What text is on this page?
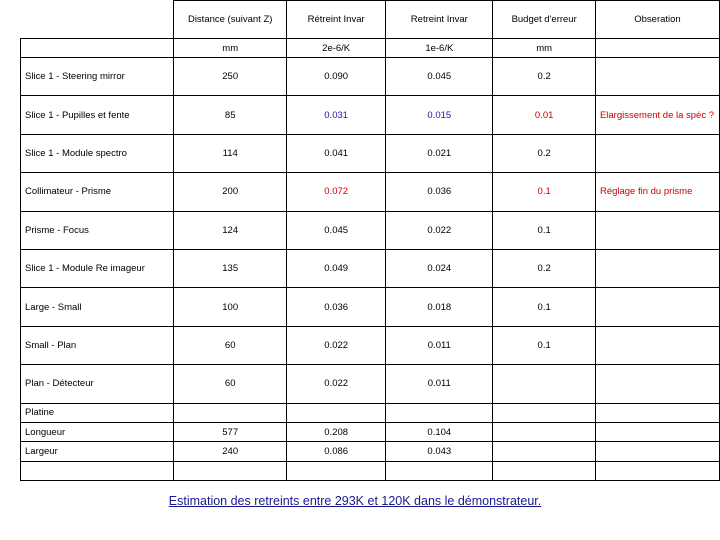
	Distance (suivant Z)	Rétreint Invar	Retreint Invar	Budget d'erreur	Obseration
	mm	2e-6/K	1e-6/K	mm	
Slice 1 - Steering mirror	250	0.090	0.045	0.2	
Slice 1 - Pupilles et fente	85	0.031	0.015	0.01	Elargissement de la spéc ?
Slice 1 - Module spectro	114	0.041	0.021	0.2	
Collimateur - Prisme	200	0.072	0.036	0.1	Réglage fin du prisme
Prisme - Focus	124	0.045	0.022	0.1	
Slice 1 - Module Re imageur	135	0.049	0.024	0.2	
Large - Small	100	0.036	0.018	0.1	
Small - Plan	60	0.022	0.011	0.1	
Plan - Détecteur	60	0.022	0.011		
Platine					
Longueur	577	0.208	0.104		
Largeur	240	0.086	0.043		

Estimation des retreints entre 293K et 120K dans le démonstrateur.
